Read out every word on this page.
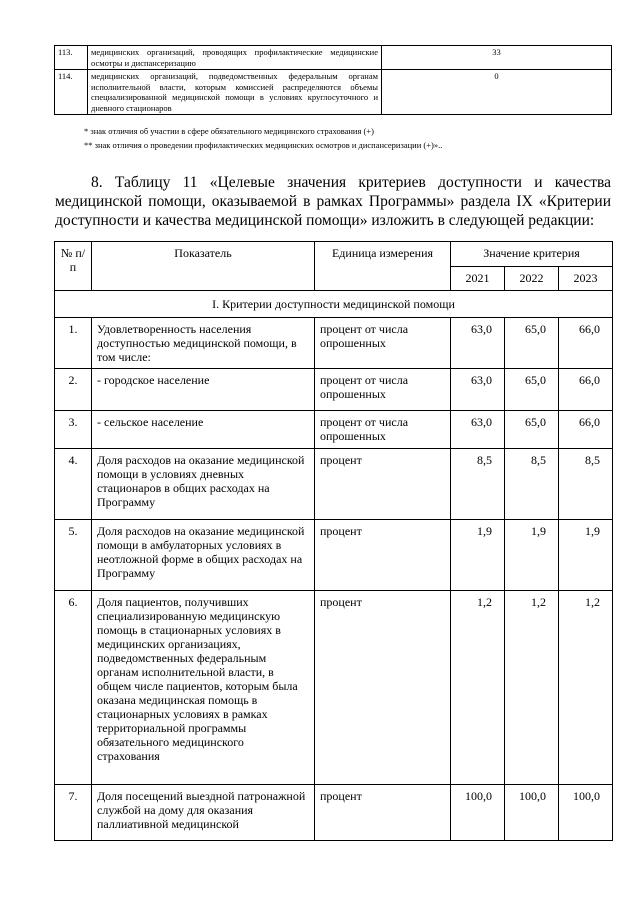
113.	медицинских организаций, проводящих профилактические медицинские осмотры и диспансеризацию	33
114.	медицинских организаций, подведомственных федеральным органам исполнительной власти, которым комиссией распределяются объемы специализированной медицинской помощи в условиях круглосуточного и дневного стационаров	0
* знак отличия об участии в сфере обязательного медицинского страхования (+)
** знак отличия о проведении профилактических медицинских осмотров и диспансеризации (+)»..
8. Таблицу 11 «Целевые значения критериев доступности и качества медицинской помощи, оказываемой в рамках Программы» раздела IX «Критерии доступности и качества медицинской помощи» изложить в следующей редакции:
№ п/п	Показатель	Единица измерения	Значение критерия		
			2021	2022	2023
I. Критерии доступности медицинской помощи					
1.	Удовлетворенность населения доступностью медицинской помощи, в том числе:	процент от числа опрошенных	63,0	65,0	66,0
2.	- городское население	процент от числа опрошенных	63,0	65,0	66,0
3.	- сельское население	процент от числа опрошенных	63,0	65,0	66,0
4.	Доля расходов на оказание медицинской помощи в условиях дневных стационаров в общих расходах на Программу	процент	8,5	8,5	8,5
5.	Доля расходов на оказание медицинской помощи в амбулаторных условиях в неотложной форме в общих расходах на Программу	процент	1,9	1,9	1,9
6.	Доля пациентов, получивших специализированную медицинскую помощь в стационарных условиях в медицинских организациях, подведомственных федеральным органам исполнительной власти, в общем числе пациентов, которым была оказана медицинская помощь в стационарных условиях в рамках территориальной программы обязательного медицинского страхования	процент	1,2	1,2	1,2
7.	Доля посещений выездной патронажной службой на дому для оказания паллиативной медицинской	процент	100,0	100,0	100,0
